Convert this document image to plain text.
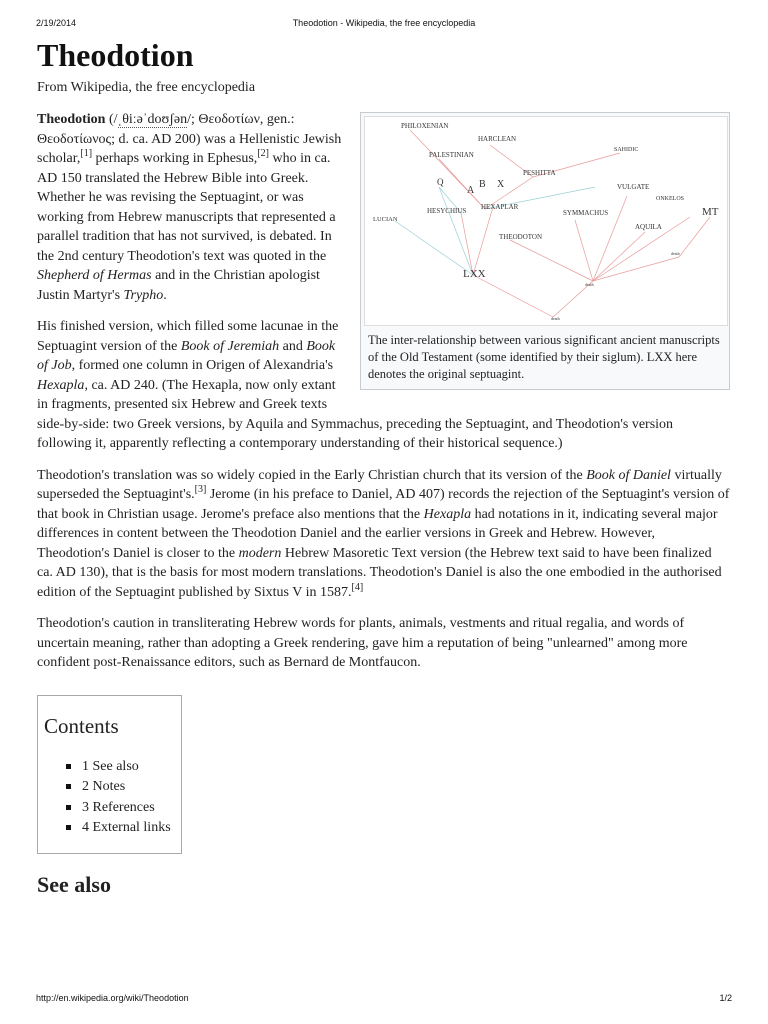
2/19/2014	Theodotion - Wikipedia, the free encyclopedia
Theodotion
From Wikipedia, the free encyclopedia
PHILOXENIAN
HARCLEAN
PALESTINIAN
SAHIDIC
PESHITTA
Q
A
B X	VULGATE
ONKELOS
HESYCHIUS HEXAPLAR
SYMMACHUS	MT
LUCIAN
AQUILA
THEODOTON
LXX
death
death
death
The inter-relationship between various significant ancient manuscripts of the Old Testament (some identified by their siglum). LXX here denotes the original septuagint.

Theodotion (/ˌθiːəˈdoʊʃən/; Θεοδοτίων, gen.: Θεοδοτίωνος; d. ca. AD 200) was a Hellenistic Jewish scholar,[1] perhaps working in Ephesus,[2] who in ca. AD 150 translated the Hebrew Bible into Greek. Whether he was revising the Septuagint, or was working from Hebrew manuscripts that represented a parallel tradition that has not survived, is debated. In the 2nd century Theodotion's text was quoted in the Shepherd of Hermas and in the Christian apologist Justin Martyr's Trypho.

His finished version, which filled some lacunae in the Septuagint version of the Book of Jeremiah and Book of Job, formed one column in Origen of Alexandria's Hexapla, ca. AD 240. (The Hexapla, now only extant in fragments, presented six Hebrew and Greek texts side-by-side: two Greek versions, by Aquila and Symmachus, preceding the Septuagint, and Theodotion's version following it, apparently reflecting a contemporary understanding of their historical sequence.)

Theodotion's translation was so widely copied in the Early Christian church that its version of the Book of Daniel virtually superseded the Septuagint's.[3] Jerome (in his preface to Daniel, AD 407) records the rejection of the Septuagint's version of that book in Christian usage. Jerome's preface also mentions that the Hexapla had notations in it, indicating several major differences in content between the Theodotion Daniel and the earlier versions in Greek and Hebrew. However, Theodotion's Daniel is closer to the modern Hebrew Masoretic Text version (the Hebrew text said to have been finalized ca. AD 130), that is the basis for most modern translations. Theodotion's Daniel is also the one embodied in the authorised edition of the Septuagint published by Sixtus V in 1587.[4]

Theodotion's caution in transliterating Hebrew words for plants, animals, vestments and ritual regalia, and words of uncertain meaning, rather than adopting a Greek rendering, gave him a reputation of being "unlearned" among more confident post-Renaissance editors, such as Bernard de Montfaucon.

Contents
1 See also
2 Notes
3 References
4 External links
See also
http://en.wikipedia.org/wiki/Theodotion	1/2
